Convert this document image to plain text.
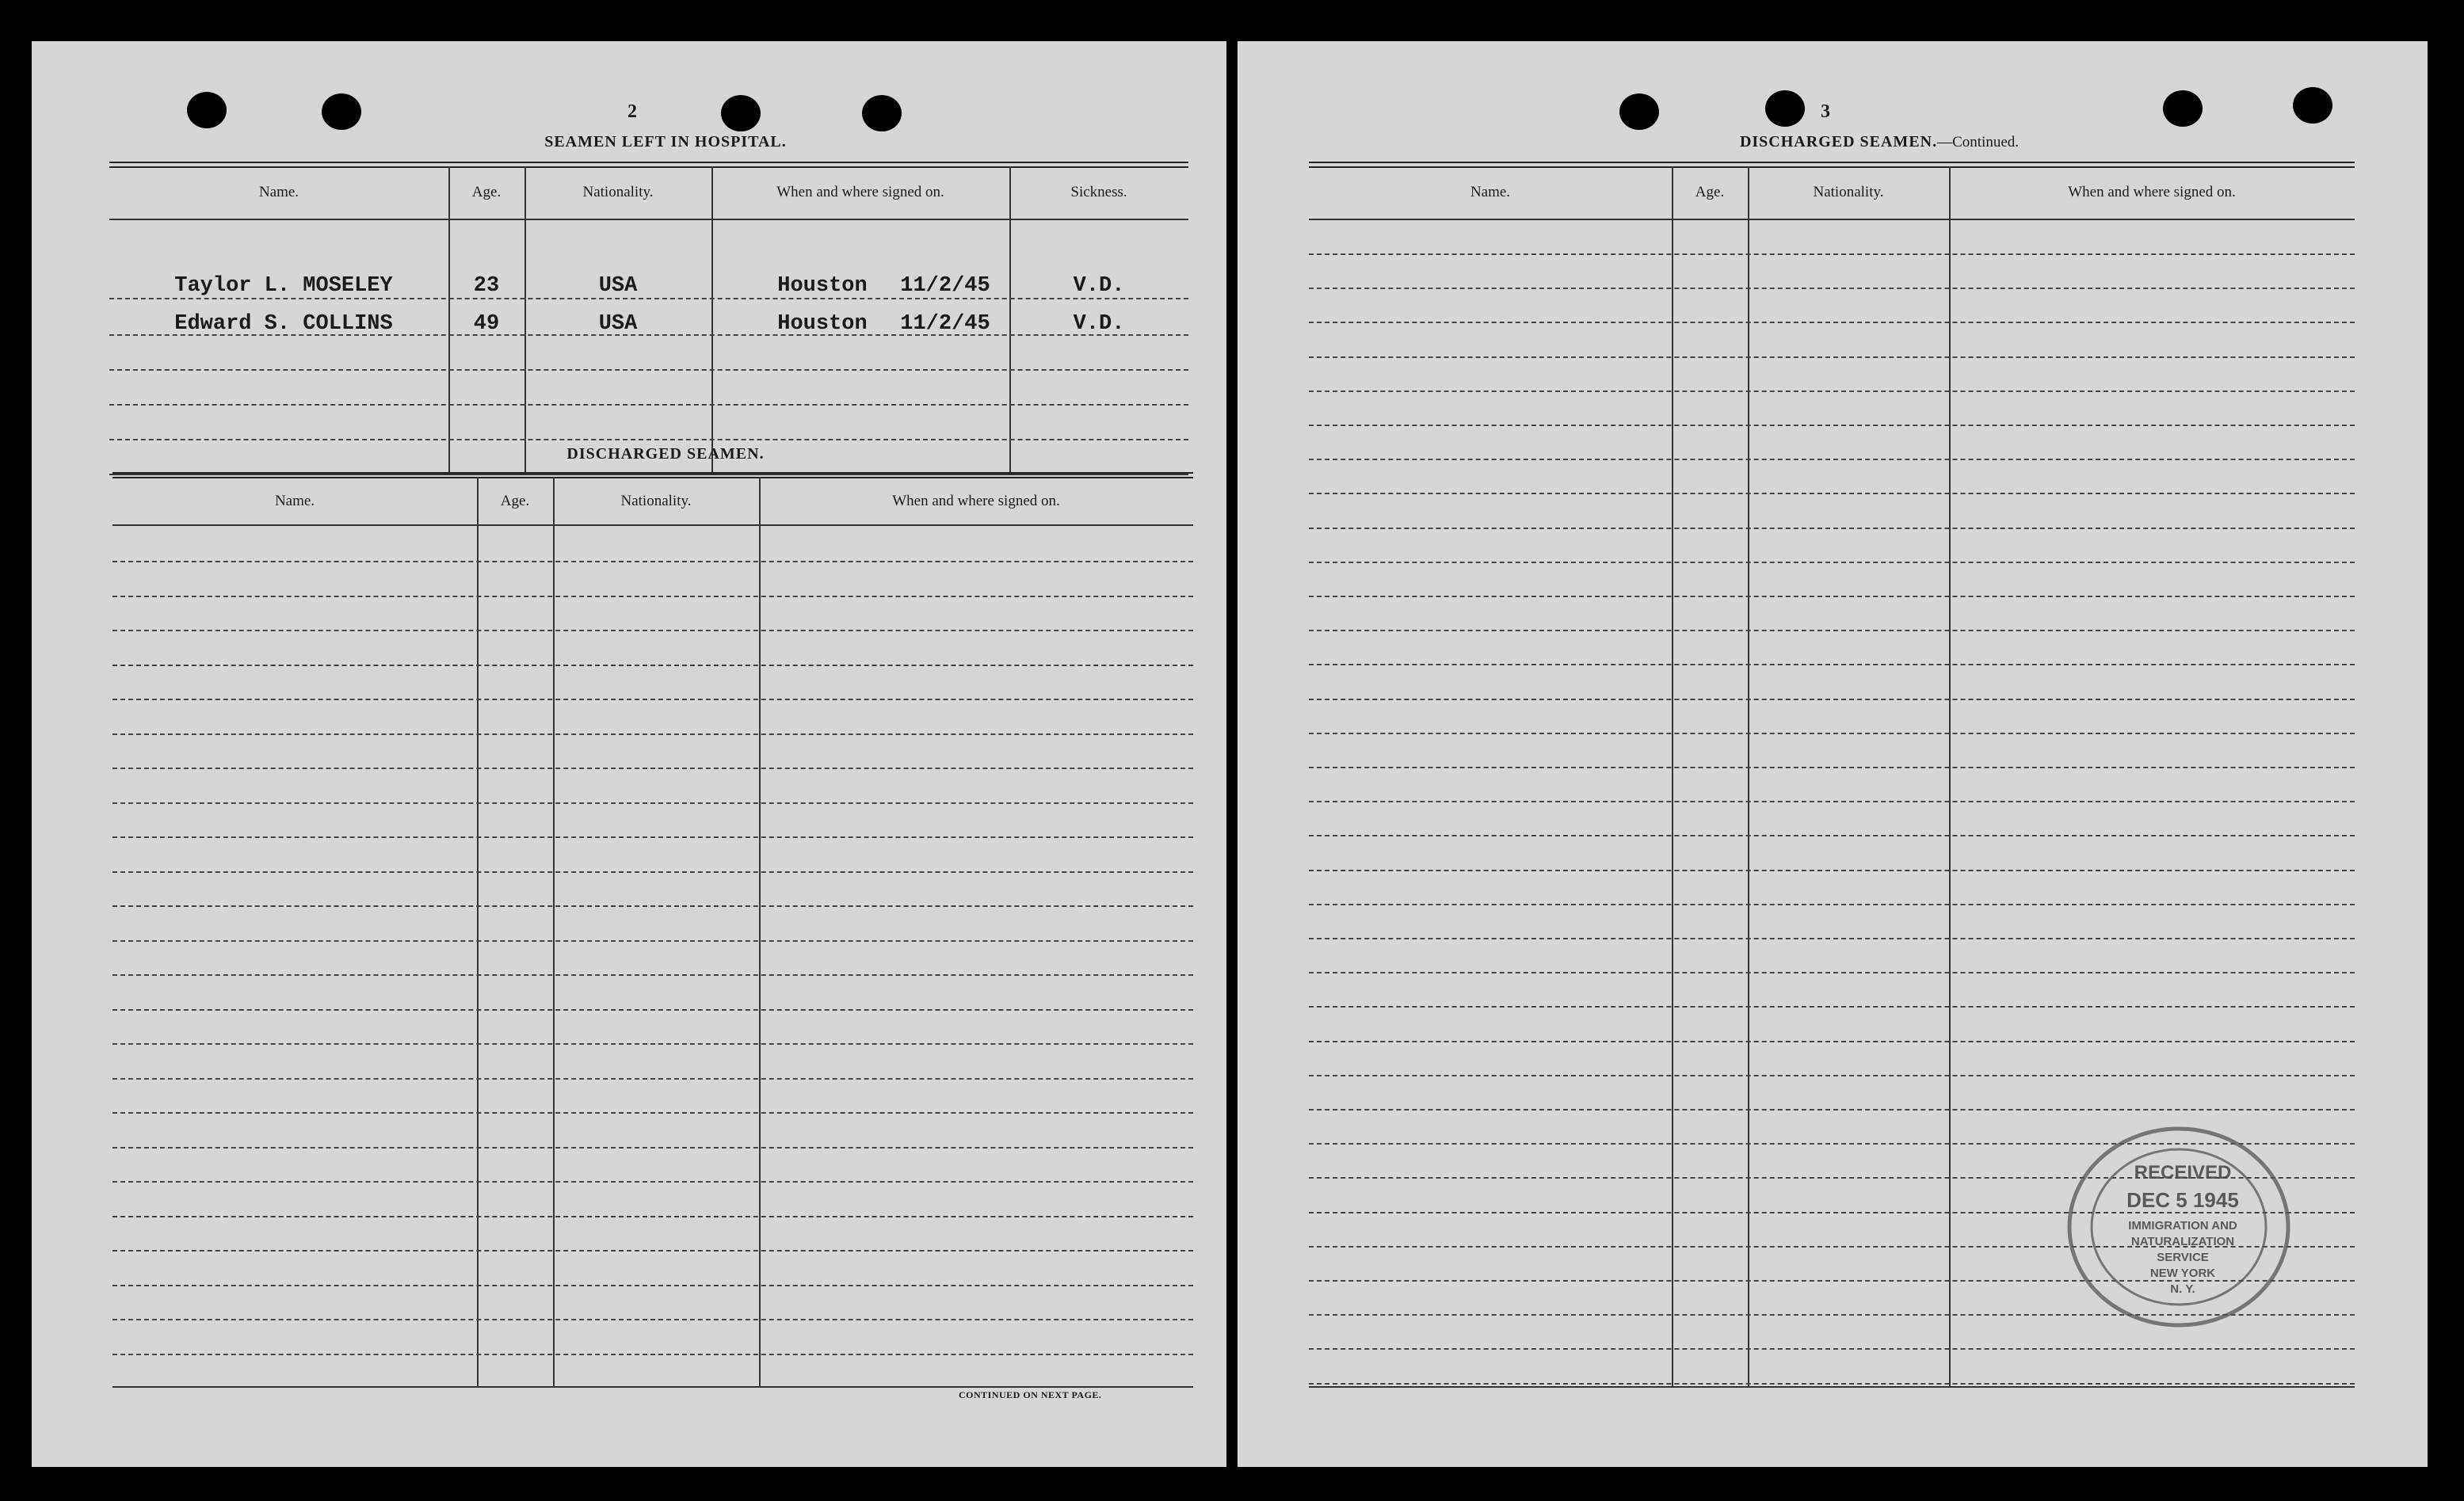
2
SEAMEN LEFT IN HOSPITAL.
Name.	Age.	Nationality.	When and where signed on.	Sickness.
Taylor L. MOSELEY	23	USA	Houston	11/2/45	V.D.
Edward S. COLLINS	49	USA	Houston	11/2/45	V.D.
DISCHARGED SEAMEN.
Name.	Age.	Nationality.	When and where signed on.
CONTINUED ON NEXT PAGE.
3
DISCHARGED SEAMEN.—Continued.
Name.	Age.	Nationality.	When and where signed on.
RECEIVED
DEC 5 1945
IMMIGRATION AND
NATURALIZATION
SERVICE
NEW YORK
N. Y.
